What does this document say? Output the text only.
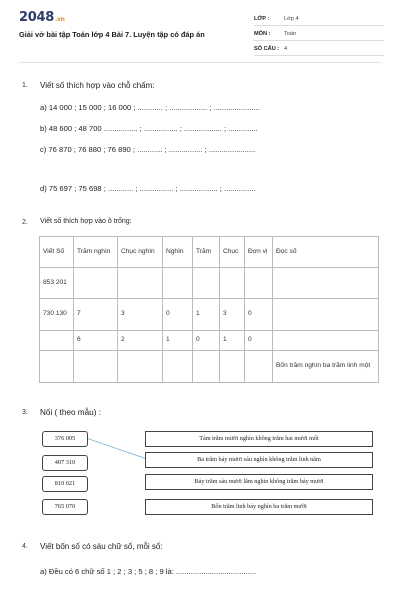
2048.vn
Giải vở bài tập Toán lớp 4 Bài 7. Luyện tập có đáp án
LỚP :	Lớp 4
MÔN : Toán
SỐ CÂU : 4
1. Viết số thích hợp vào chỗ chấm:
a) 14 000 ; 15 000 ; 16 000 ; ............ ; .................. ; ......................
b) 48 600 ; 48 700 ................ ; ................ ; .................. ; ..............
c) 76 870 ; 76 880 ; 76 890 ; ............ ; ................ ; ......................
d) 75 697 ; 75 698 ; ............ ; ................ ; .................. ; ...............
2. Viết số thích hợp vào ô trống:
Viết Số	Trăm nghìn	Chục nghìn	Nghìn	Trăm	Chục	Đơn vị	Đọc số
853 201							
730 130	7	3	0	1	3	0	
	6	2	1	0	1	0	
							Bốn trăm nghìn ba trăm linh một
3. Nối ( theo mẫu) :
376 005
407 310
810 021
765 070
Tám trăm mười nghìn không trăm hai mươi mốt
Ba trăm bảy mươi sáu nghìn không trăm linh năm
Bảy trăm sáu mươi lăm nghìn không trăm bảy mươi
Bốn trăm linh bảy nghìn ba trăm mười
4. Viết bốn số có sáu chữ số, mỗi số:
a) Đều có 6 chữ số 1 ; 2 ; 3 ; 5 ; 8 ; 9 là: ......................................
